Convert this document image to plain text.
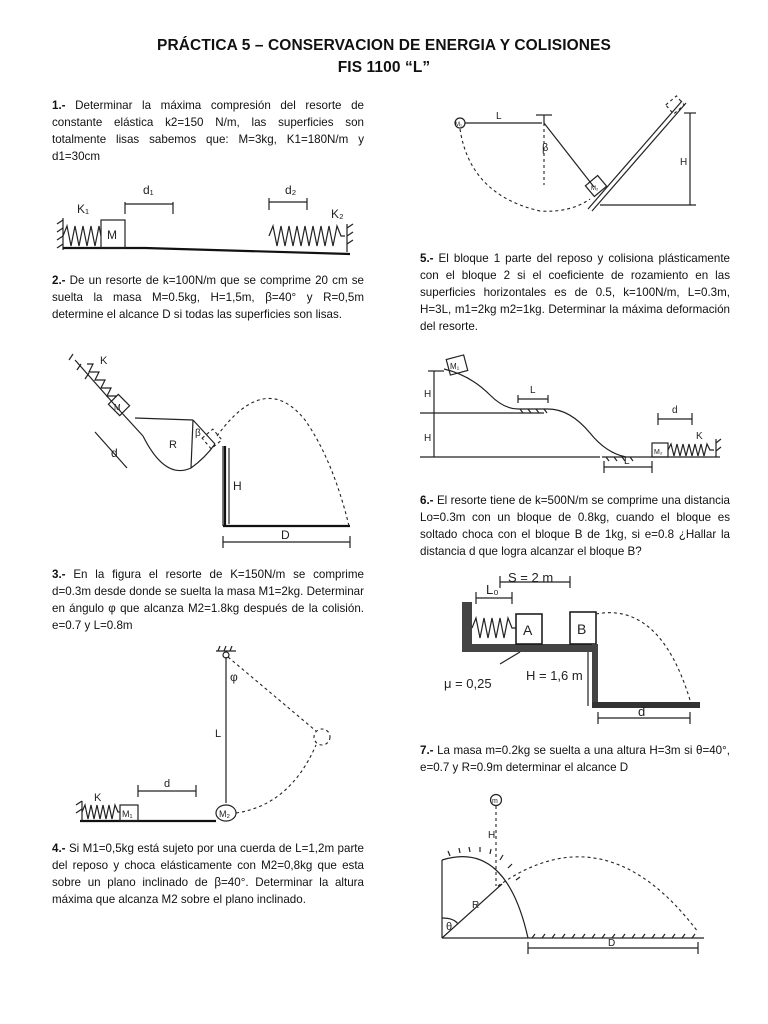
PRÁCTICA 5 – CONSERVACION DE ENERGIA Y COLISIONES
FIS 1100 “L”
1.- Determinar la máxima compresión del resorte de constante elástica k2=150 N/m, las superficies son totalmente lisas sabemos que: M=3kg, K1=180N/m y d1=30cm
M
K₁
d₁	d₂
K₂
2.- De un resorte de k=100N/m que se comprime 20 cm se suelta la masa M=0.5kg, H=1,5m, β=40° y R=0,5m determine el alcance D si todas las superficies son lisas.
K
M
d
R
β
H
D
3.- En la figura el resorte de K=150N/m se comprime d=0.3m desde donde se suelta la masa M1=2kg. Determinar en ángulo φ que alcanza M2=1.8kg después de la colisión. e=0.7 y L=0.8m
φ
L
M₂
K
M₁
d
4.- Si M1=0,5kg está sujeto por una cuerda de L=1,2m parte del reposo y choca elásticamente con M2=0,8kg que esta sobre un plano inclinado de β=40°. Determinar la altura máxima que alcanza M2 sobre el plano inclinado.
M₁
L
β
M₂
H
5.- El bloque 1 parte del reposo y colisiona plásticamente con el bloque 2 si el coeficiente de rozamiento en las superficies horizontales es de 0.5, k=100N/m, L=0.3m, H=3L, m1=2kg m2=1kg. Determinar la máxima deformación del resorte.
M₁
L
L
H
H
M₂
K
d
6.- El resorte tiene de k=500N/m se comprime una distancia Lo=0.3m con un bloque de 0.8kg, cuando el bloque es soltado choca con el bloque B de 1kg, si e=0.8 ¿Hallar la distancia d que logra alcanzar el bloque B?
S = 2 m
L₀
A	B
H = 1,6 m
μ = 0,25
d
7.- La masa m=0.2kg se suelta a una altura H=3m si θ=40°, e=0.7 y R=0.9m determinar el alcance D
m
H
R
θ
D
